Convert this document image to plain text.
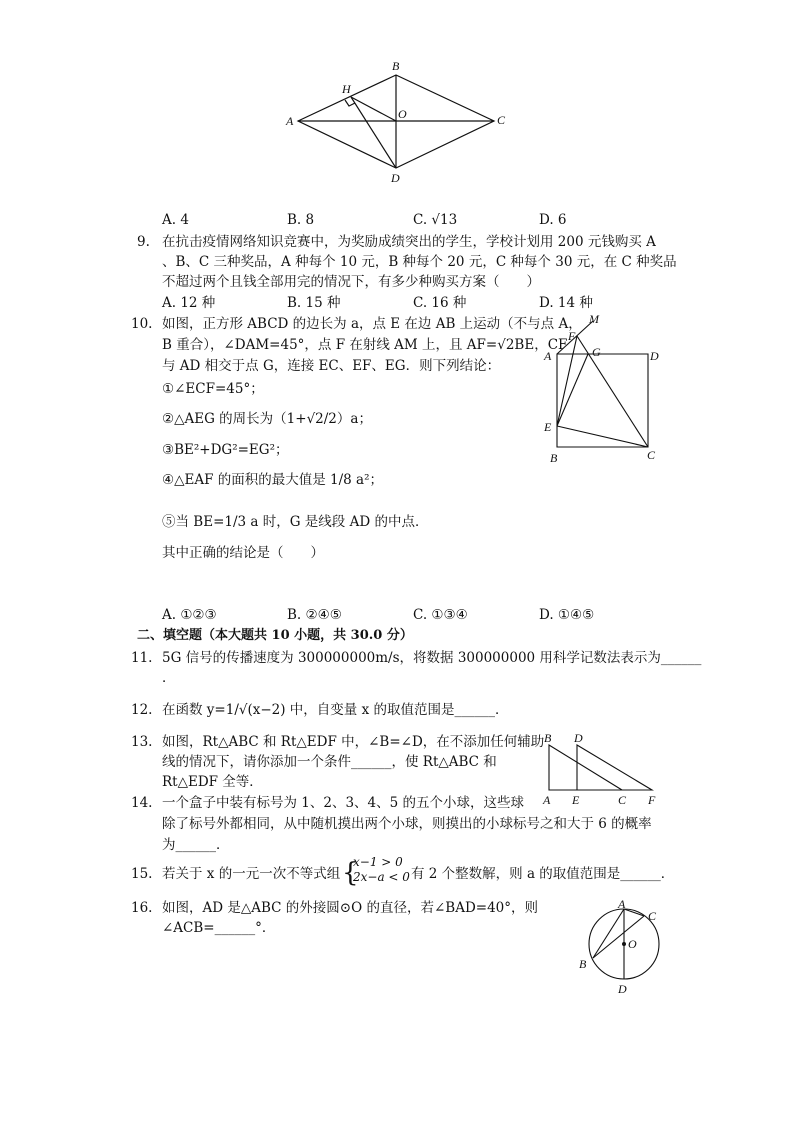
A
B
C
D
H
O
A. 4	B. 8	C. √13	D. 6
9. 在抗击疫情网络知识竞赛中，为奖励成绩突出的学生，学校计划用 200 元钱购买 A
、B、C 三种奖品，A 种每个 10 元，B 种每个 20 元，C 种每个 30 元，在 C 种奖品
不超过两个且钱全部用完的情况下，有多少种购买方案（　　）
A. 12 种	B. 15 种	C. 16 种	D. 14 种
10. 如图，正方形 ABCD 的边长为 a，点 E 在边 AB 上运动（不与点 A，
B 重合），∠DAM=45°，点 F 在射线 AM 上，且 AF=√2BE，CF
与 AD 相交于点 G，连接 EC、EF、EG．则下列结论：
①∠ECF=45°；
②△AEG 的周长为（1+√2/2）a；
③BE²+DG²=EG²；
④△EAF 的面积的最大值是 1/8 a²；
⑤当 BE=1/3 a 时，G 是线段 AD 的中点．
其中正确的结论是（　　）
M
F
A	G	D
E
B	C
A. ①②③	B. ②④⑤	C. ①③④	D. ①④⑤
二、填空题（本大题共 10 小题，共 30.0 分）
11. 5G 信号的传播速度为 300000000m/s，将数据 300000000 用科学记数法表示为______
．
12. 在函数 y=1/√(x−2) 中，自变量 x 的取值范围是______．
13. 如图，Rt△ABC 和 Rt△EDF 中，∠B=∠D，在不添加任何辅助
线的情况下，请你添加一个条件______，使 Rt△ABC 和
Rt△EDF 全等．
B D
A E	C F
14. 一个盒子中装有标号为 1、2、3、4、5 的五个小球，这些球
除了标号外都相同，从中随机摸出两个小球，则摸出的小球标号之和大于 6 的概率
为______．
15. 若关于 x 的一元一次不等式组 {
x−1 > 0
2x−a < 0 有 2 个整数解，则 a 的取值范围是______．
16. 如图，AD 是△ABC 的外接圆⊙O 的直径，若∠BAD=40°，则
∠ACB=______°．
A
C
O
B
D
